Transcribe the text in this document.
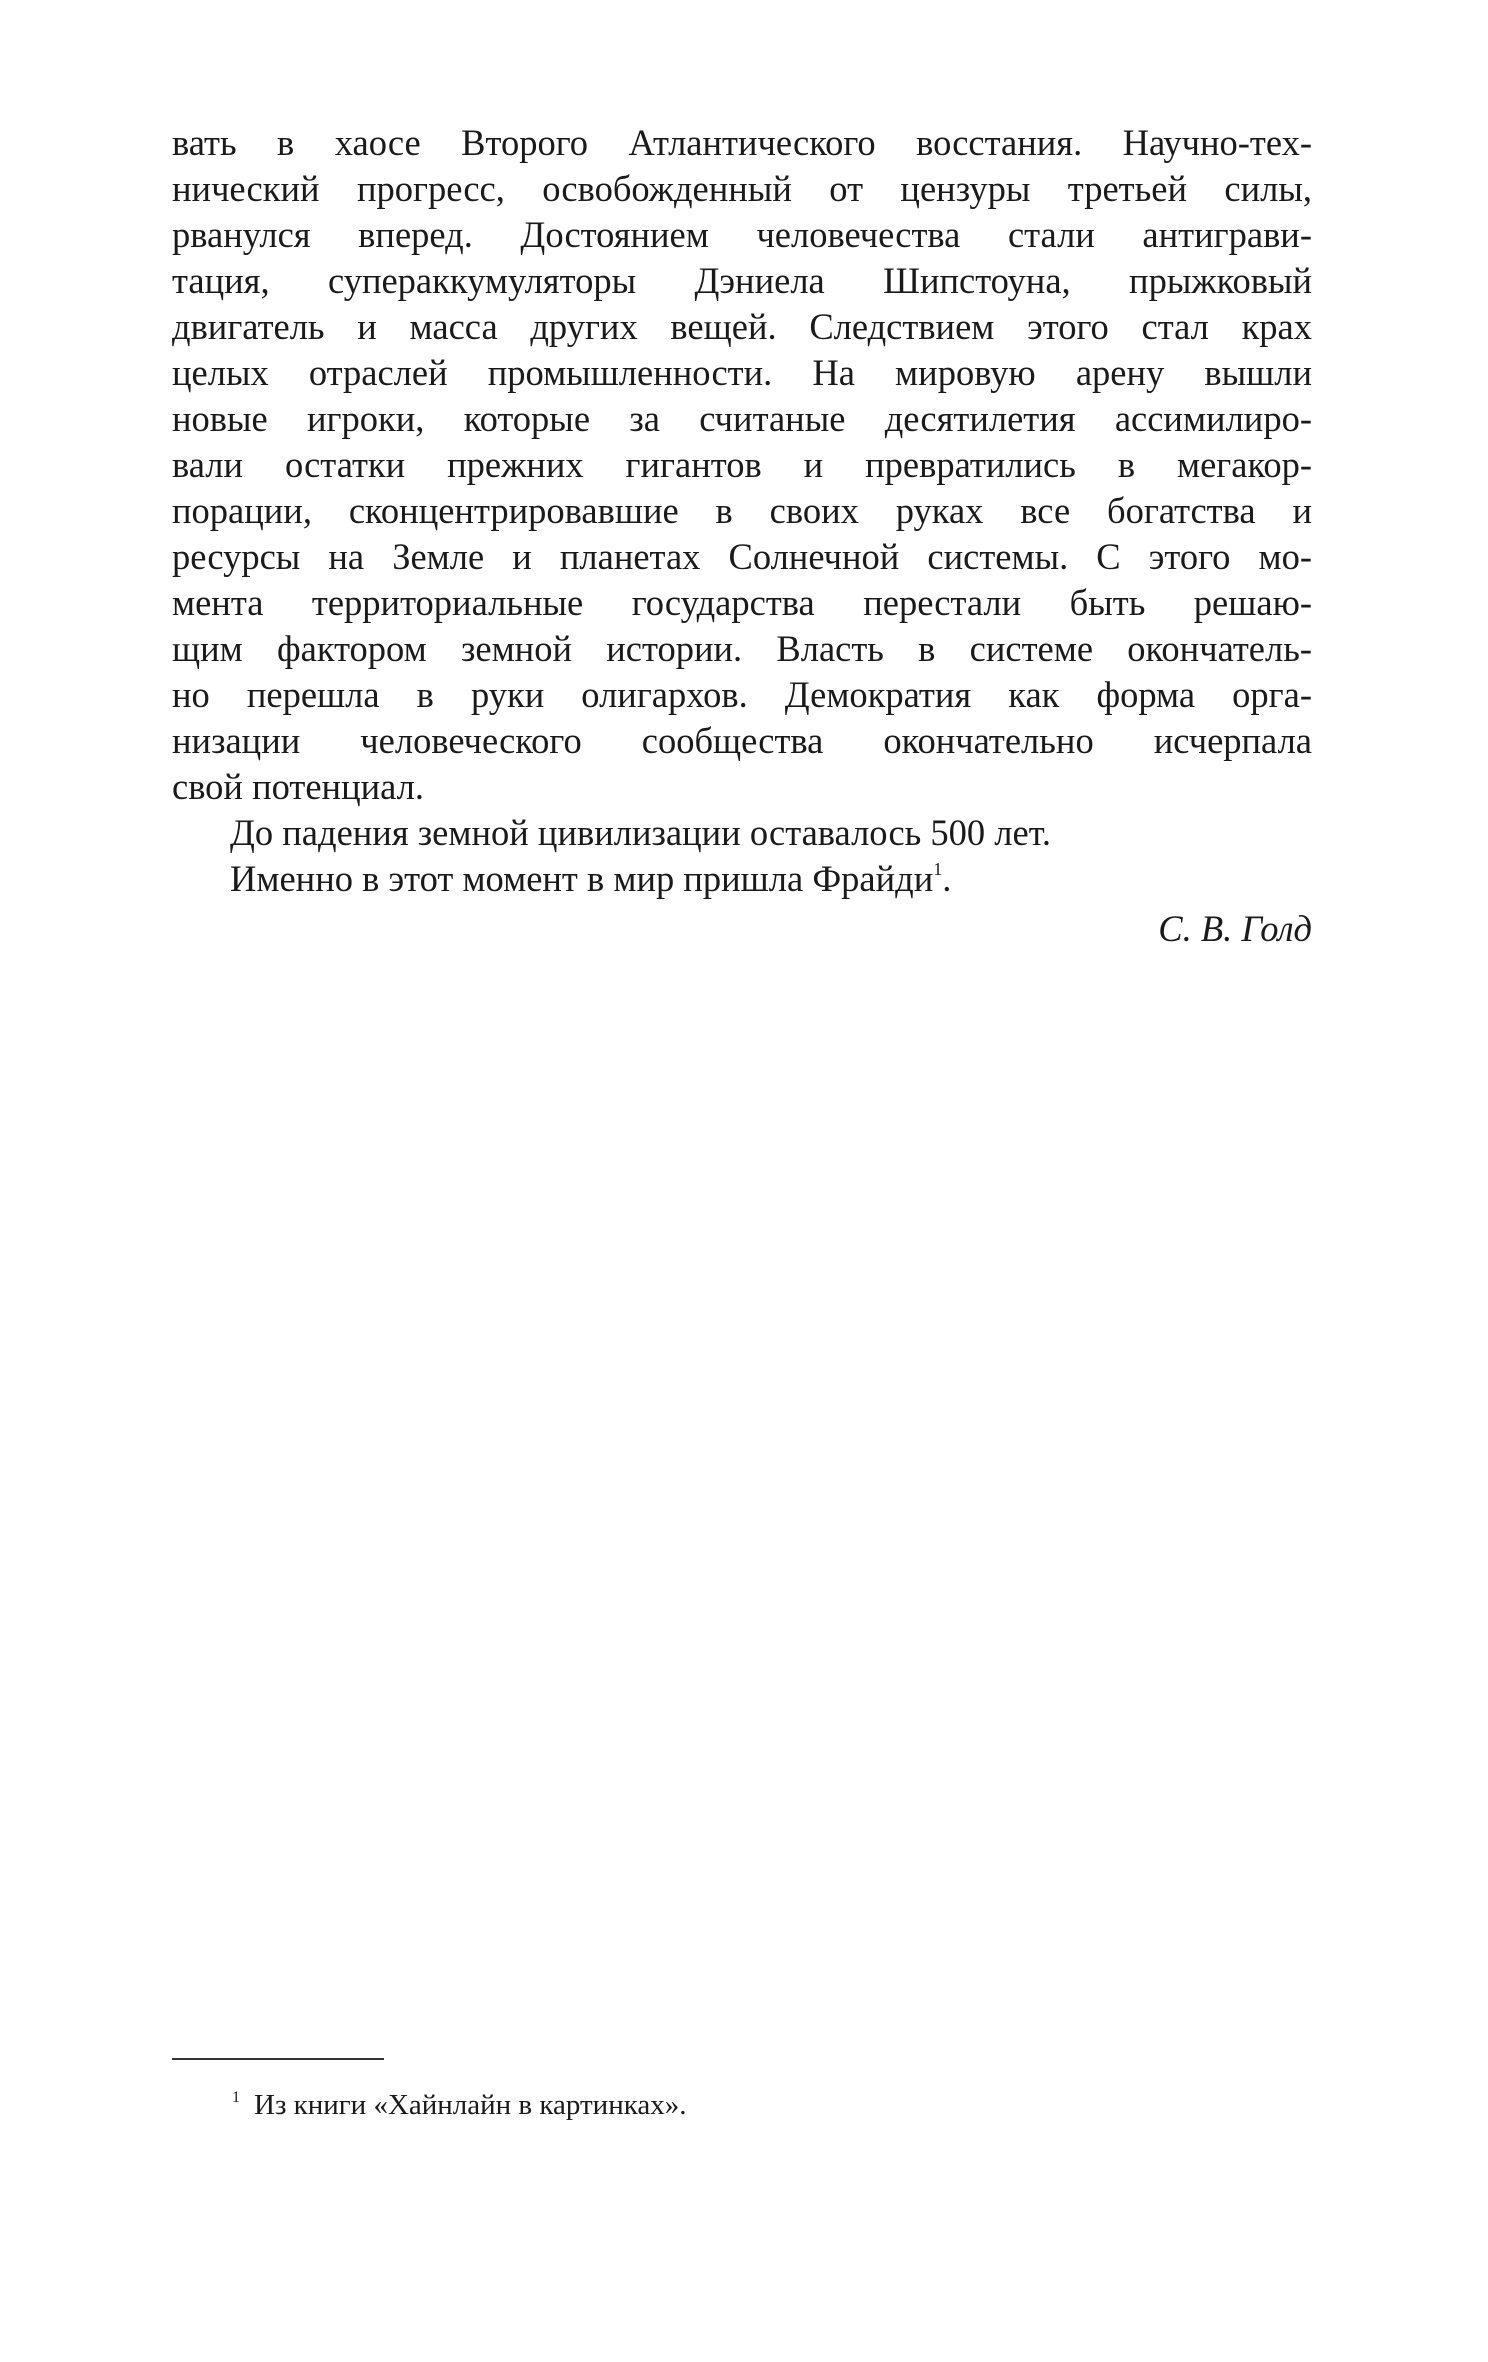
вать в хаосе Второго Атлантического восстания. Научно-тех-
нический прогресс, освобожденный от цензуры третьей силы,
рванулся вперед. Достоянием человечества стали антиграви-
тация, супераккумуляторы Дэниела Шипстоуна, прыжковый
двигатель и масса других вещей. Следствием этого стал крах
целых отраслей промышленности. На мировую арену вышли
новые игроки, которые за считаные десятилетия ассимилиро-
вали остатки прежних гигантов и превратились в мегакор-
порации, сконцентрировавшие в своих руках все богатства и
ресурсы на Земле и планетах Солнечной системы. С этого мо-
мента территориальные государства перестали быть решаю-
щим фактором земной истории. Власть в системе окончатель-
но перешла в руки олигархов. Демократия как форма орга-
низации человеческого сообщества окончательно исчерпала
свой потенциал.
До падения земной цивилизации оставалось 500 лет.
Именно в этот момент в мир пришла Фрайди$^1$.
С. В. Голд
$^1$ Из книги «Хайнлайн в картинках».
